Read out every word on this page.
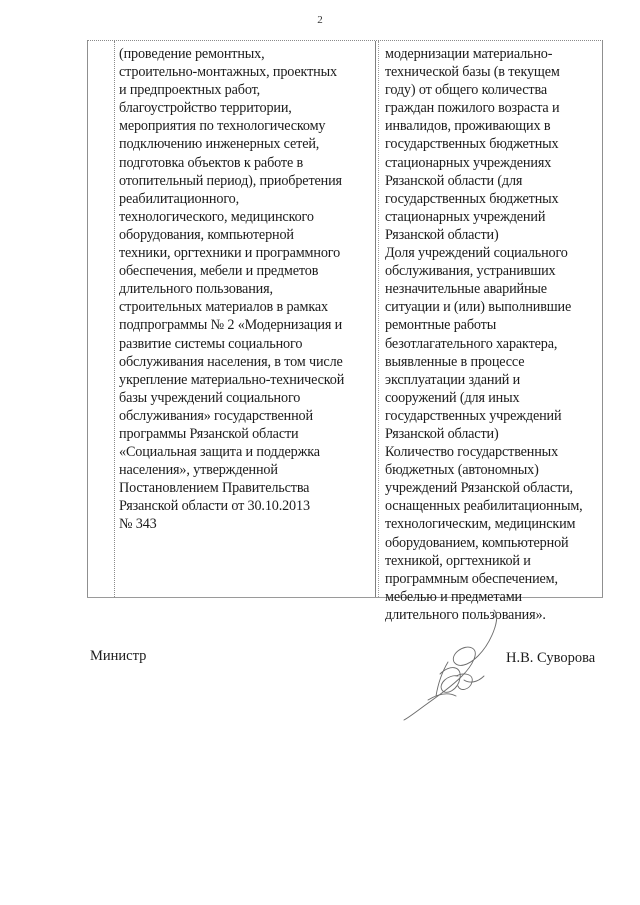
2
(проведение ремонтных,
строительно-монтажных, проектных
и предпроектных работ,
благоустройство территории,
мероприятия по технологическому
подключению инженерных сетей,
подготовка объектов к работе в
отопительный период), приобретения
реабилитационного,
технологического, медицинского
оборудования, компьютерной
техники, оргтехники и программного
обеспечения, мебели и предметов
длительного пользования,
строительных материалов в рамках
подпрограммы № 2 «Модернизация и
развитие системы социального
обслуживания населения, в том числе
укрепление материально-технической
базы учреждений социального
обслуживания» государственной
программы Рязанской области
«Социальная защита и поддержка
населения», утвержденной
Постановлением Правительства
Рязанской области от 30.10.2013
№ 343
модернизации материально-
технической базы (в текущем
году) от общего количества
граждан пожилого возраста и
инвалидов, проживающих в
государственных бюджетных
стационарных учреждениях
Рязанской области (для
государственных бюджетных
стационарных учреждений
Рязанской области)
Доля учреждений социального
обслуживания, устранивших
незначительные аварийные
ситуации и (или) выполнившие
ремонтные работы
безотлагательного характера,
выявленные в процессе
эксплуатации зданий и
сооружений (для иных
государственных учреждений
Рязанской области)
Количество государственных
бюджетных (автономных)
учреждений Рязанской области,
оснащенных реабилитационным,
технологическим, медицинским
оборудованием, компьютерной
техникой, оргтехникой и
программным обеспечением,
мебелью и предметами
длительного пользования».
Министр	Н.В. Суворова
